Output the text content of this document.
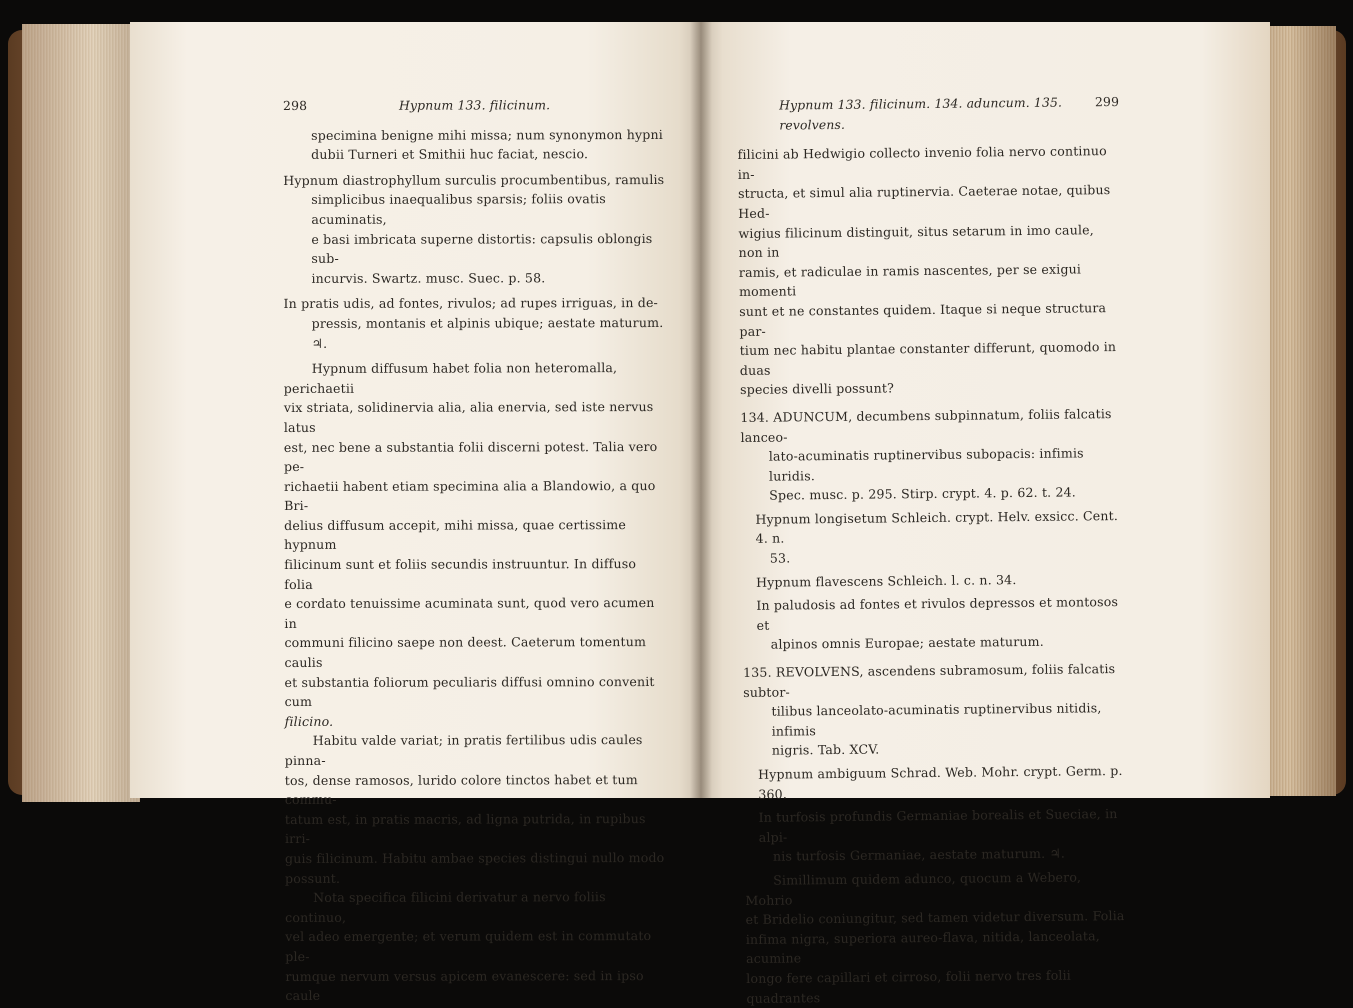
298	Hypnum 133. filicinum.

specimina benigne mihi missa; num synonymon hypni

dubii Turneri et Smithii huc faciat, nescio.

Hypnum diastrophyllum surculis procumbentibus, ramulis

simplicibus inaequalibus sparsis; foliis ovatis acuminatis,

e basi imbricata superne distortis: capsulis oblongis sub-

incurvis. Swartz. musc. Suec. p. 58.

In pratis udis, ad fontes, rivulos; ad rupes irriguas, in de-

pressis, montanis et alpinis ubique; aestate maturum. ♃.

Hypnum diffusum habet folia non heteromalla, perichaetii

vix striata, solidinervia alia, alia enervia, sed iste nervus latus

est, nec bene a substantia folii discerni potest. Talia vero pe-

richaetii habent etiam specimina alia a Blandowio, a quo Bri-

delius diffusum accepit, mihi missa, quae certissime hypnum

filicinum sunt et foliis secundis instruuntur. In diffuso folia

e cordato tenuissime acuminata sunt, quod vero acumen in

communi filicino saepe non deest. Caeterum tomentum caulis

et substantia foliorum peculiaris diffusi omnino convenit cum

filicino.

Habitu valde variat; in pratis fertilibus udis caules pinna-

tos, dense ramosos, lurido colore tinctos habet et tum commu-

tatum est, in pratis macris, ad ligna putrida, in rupibus irri-

guis filicinum. Habitu ambae species distingui nullo modo

possunt.

Nota specifica filicini derivatur a nervo foliis continuo,

vel adeo emergente; et verum quidem est in commutato ple-

rumque nervum versus apicem evanescere: sed in ipso caule

Hypnum 133. filicinum. 134. aduncum. 135. revolvens.
299

filicini ab Hedwigio collecto invenio folia nervo continuo in-

structa, et simul alia ruptinervia. Caeterae notae, quibus Hed-

wigius filicinum distinguit, situs setarum in imo caule, non in

ramis, et radiculae in ramis nascentes, per se exigui momenti

sunt et ne constantes quidem. Itaque si neque structura par-

tium nec habitu plantae constanter differunt, quomodo in duas

species divelli possunt?

134. ADUNCUM, decumbens subpinnatum, foliis falcatis lanceo-

lato-acuminatis ruptinervibus subopacis: infimis luridis.

Spec. musc. p. 295. Stirp. crypt. 4. p. 62. t. 24.

Hypnum longisetum Schleich. crypt. Helv. exsicc. Cent. 4. n.

53.

Hypnum flavescens Schleich. l. c. n. 34.

In paludosis ad fontes et rivulos depressos et montosos et

alpinos omnis Europae; aestate maturum.

135. REVOLVENS, ascendens subramosum, foliis falcatis subtor-

tilibus lanceolato-acuminatis ruptinervibus nitidis, infimis

nigris. Tab. XCV.

Hypnum ambiguum Schrad. Web. Mohr. crypt. Germ. p. 360.

In turfosis profundis Germaniae borealis et Sueciae, in alpi-

nis turfosis Germaniae, aestate maturum. ♃.

Simillimum quidem adunco, quocum a Webero, Mohrio

et Bridelio coniungitur, sed tamen videtur diversum. Folia

infima nigra, superiora aureo-flava, nitida, lanceolata, acumine

longo fere capillari et cirroso, folii nervo tres folii quadrantes
